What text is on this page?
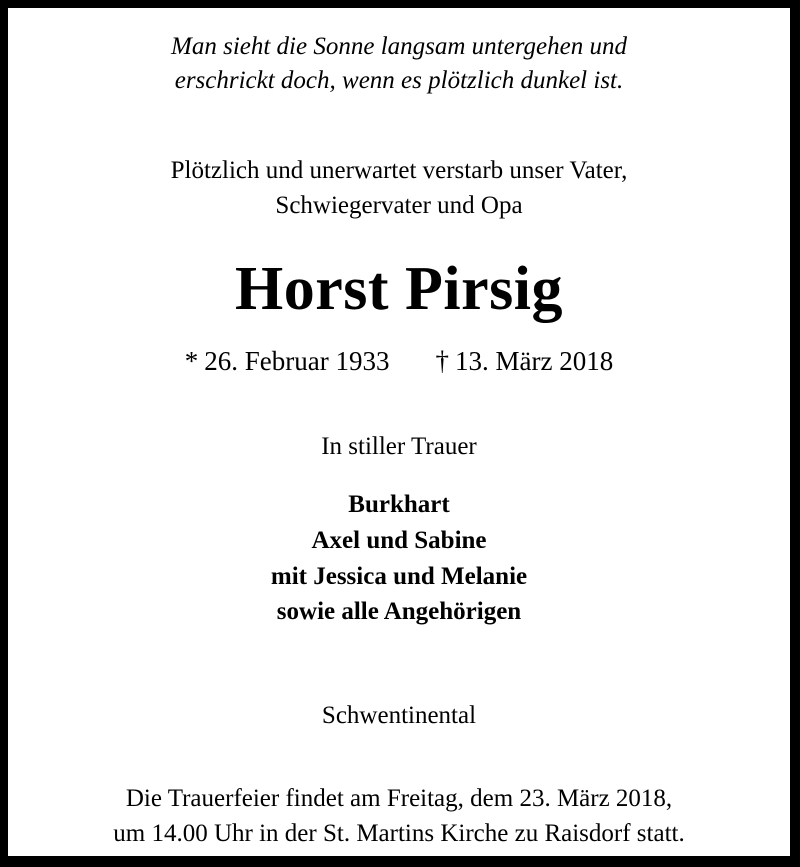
Man sieht die Sonne langsam untergehen und
erschrickt doch, wenn es plötzlich dunkel ist.
Plötzlich und unerwartet verstarb unser Vater,
Schwiegervater und Opa
Horst Pirsig
* 26. Februar 1933 † 13. März 2018
In stiller Trauer
Burkhart
Axel und Sabine
mit Jessica und Melanie
sowie alle Angehörigen
Schwentinental
Die Trauerfeier findet am Freitag, dem 23. März 2018,
um 14.00 Uhr in der St. Martins Kirche zu Raisdorf statt.
